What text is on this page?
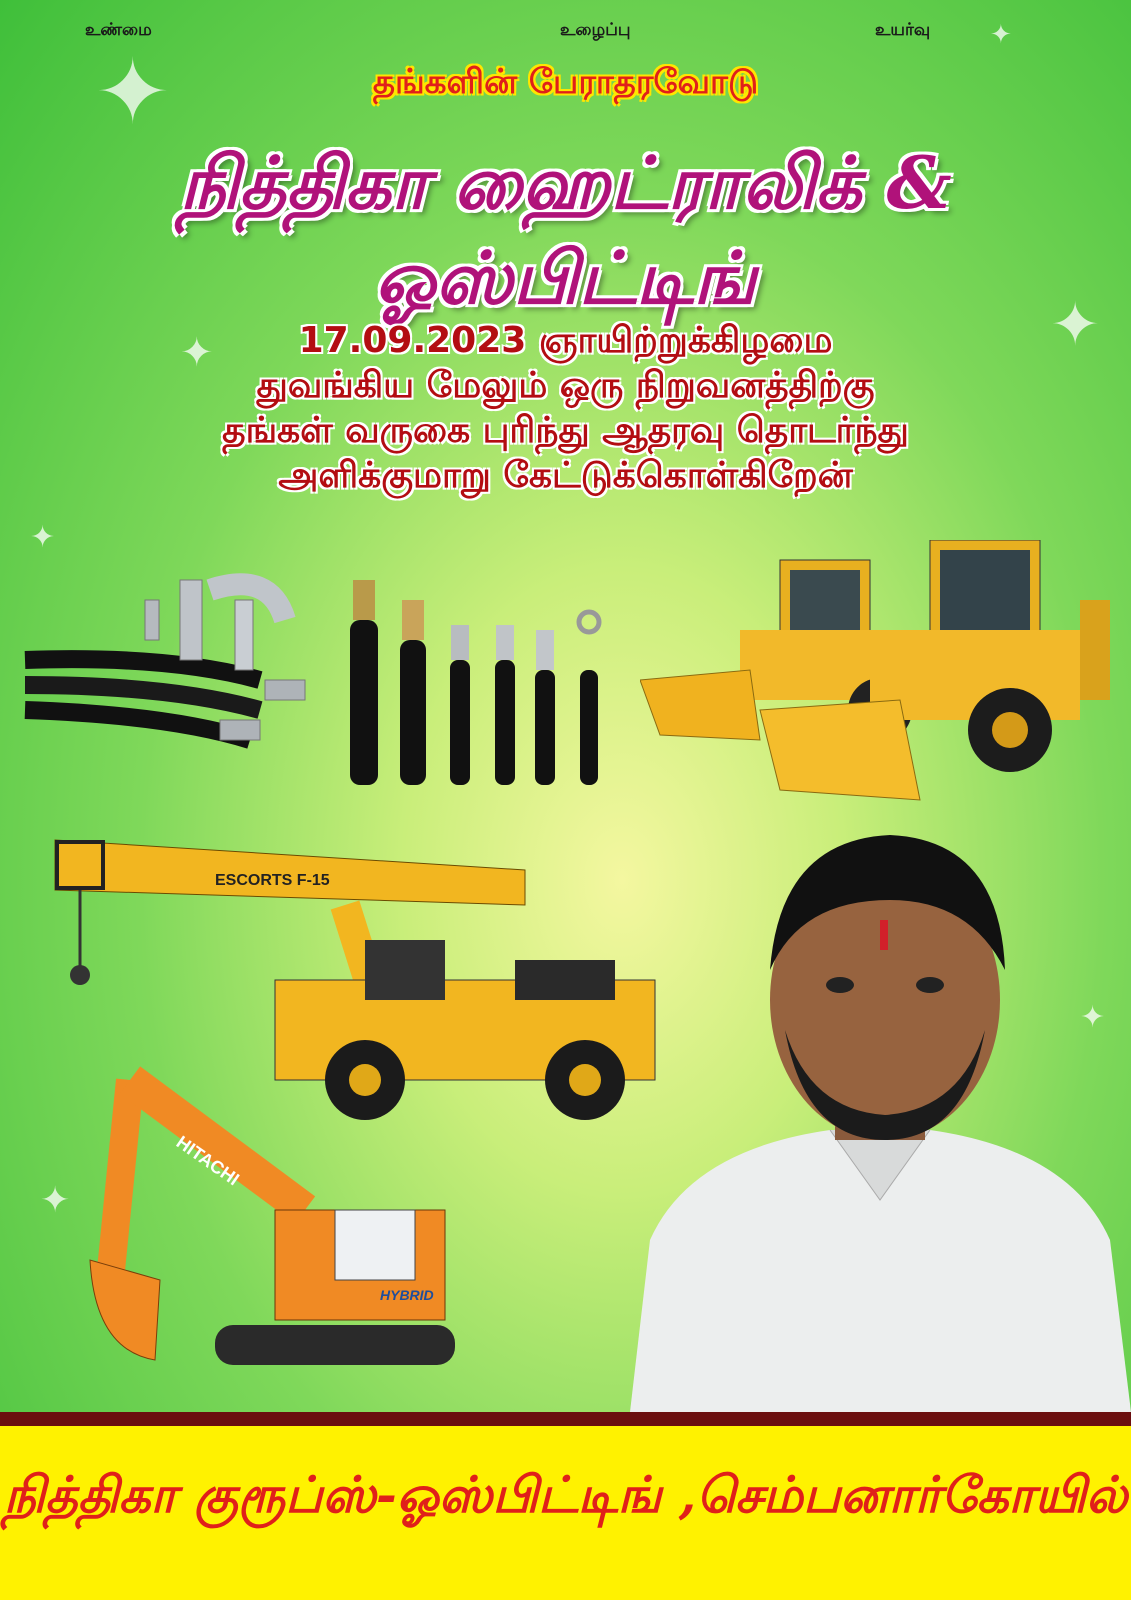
✦
✦
✦
✦
✦
✦
✦
உண்மை	உழைப்பு	உயர்வு
தங்களின் பேராதரவோடு
நித்திகா ஹைட்ராலிக் & ஓஸ்பிட்டிங்
17.09.2023 ஞாயிற்றுக்கிழமை
துவங்கிய மேலும் ஒரு நிறுவனத்திற்கு
தங்கள் வருகை புரிந்து ஆதரவு தொடர்ந்து
அளிக்குமாறு கேட்டுக்கொள்கிறேன்
ESCORTS F-15
HITACHI
HYBRID
நித்திகா குரூப்ஸ்-ஓஸ்பிட்டிங் ,செம்பனார்கோயில்
